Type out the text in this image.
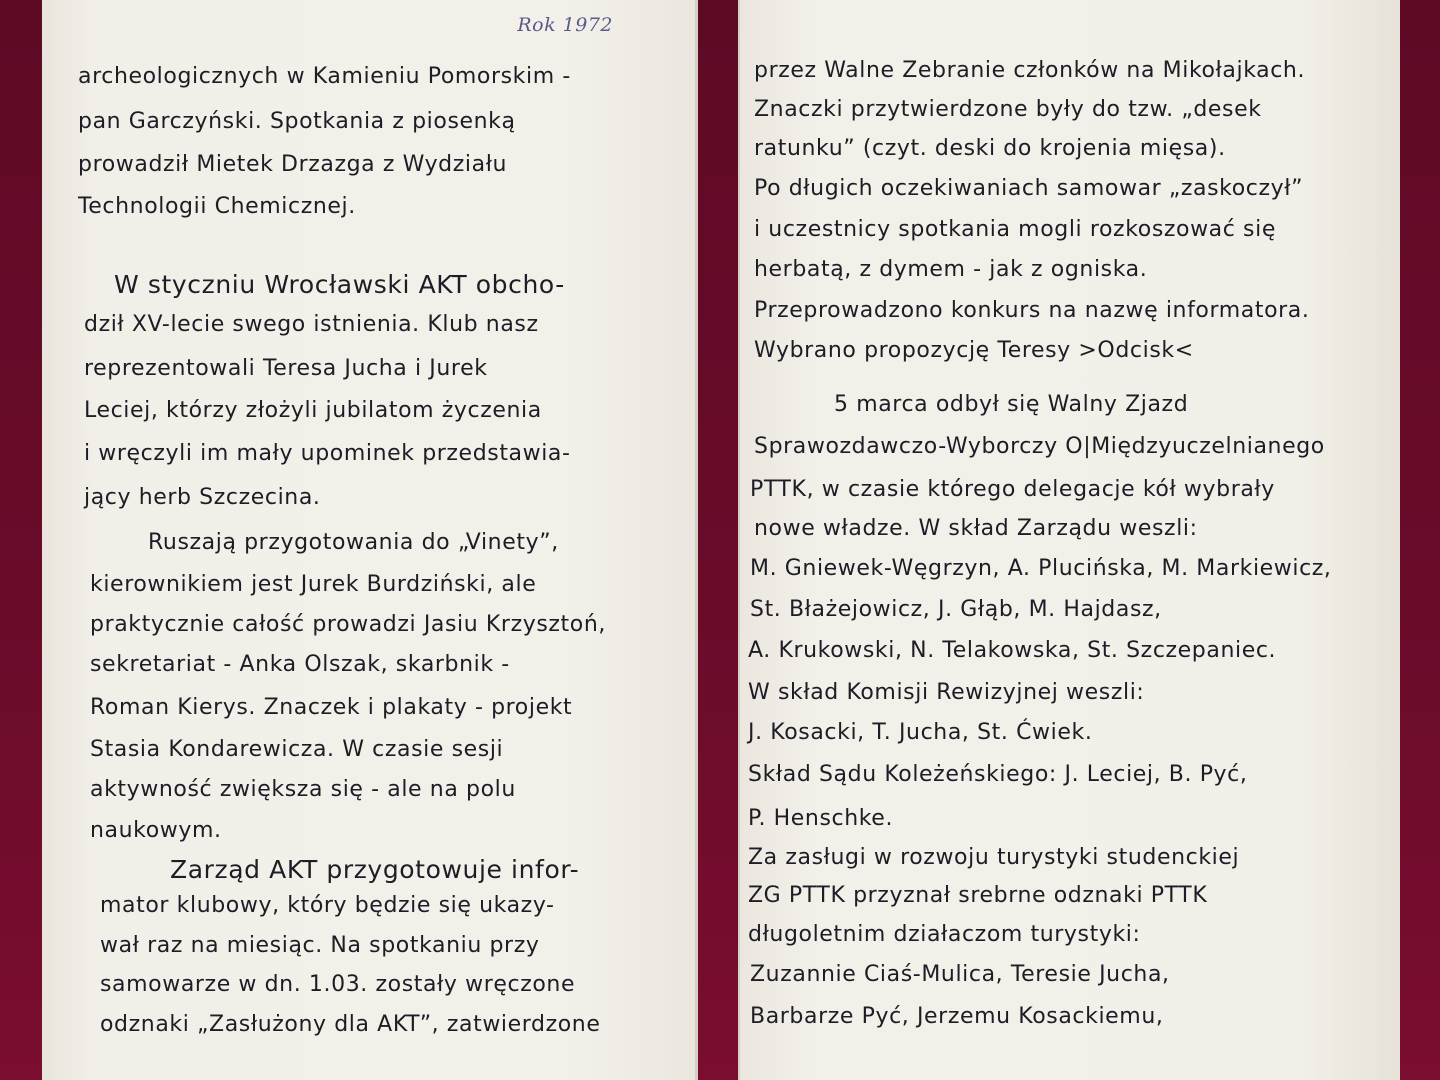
Rok 1972
archeologicznych w Kamieniu Pomorskim -
pan Garczyński. Spotkania z piosenką
prowadził Mietek Drzazga z Wydziału
Technologii Chemicznej.
W styczniu Wrocławski AKT obcho-
dził XV-lecie swego istnienia. Klub nasz
reprezentowali Teresa Jucha i Jurek
Leciej, którzy złożyli jubilatom życzenia
i wręczyli im mały upominek przedstawia-
jący herb Szczecina.
Ruszają przygotowania do „Vinety”,
kierownikiem jest Jurek Burdziński, ale
praktycznie całość prowadzi Jasiu Krzysztoń,
sekretariat - Anka Olszak, skarbnik -
Roman Kierys. Znaczek i plakaty - projekt
Stasia Kondarewicza. W czasie sesji
aktywność zwiększa się - ale na polu
naukowym.
Zarząd AKT przygotowuje infor-
mator klubowy, który będzie się ukazy-
wał raz na miesiąc. Na spotkaniu przy
samowarze w dn. 1.03. zostały wręczone
odznaki „Zasłużony dla AKT”, zatwierdzone
przez Walne Zebranie członków na Mikołajkach.
Znaczki przytwierdzone były do tzw. „desek
ratunku” (czyt. deski do krojenia mięsa).
Po długich oczekiwaniach samowar „zaskoczył”
i uczestnicy spotkania mogli rozkoszować się
herbatą, z dymem - jak z ogniska.
Przeprowadzono konkurs na nazwę informatora.
Wybrano propozycję Teresy >Odcisk<
5 marca odbył się Walny Zjazd
Sprawozdawczo-Wyborczy O|Międzyuczelnianego
PTTK, w czasie którego delegacje kół wybrały
nowe władze. W skład Zarządu weszli:
M. Gniewek-Węgrzyn, A. Plucińska, M. Markiewicz,
St. Błażejowicz, J. Głąb, M. Hajdasz,
A. Krukowski, N. Telakowska, St. Szczepaniec.
W skład Komisji Rewizyjnej weszli:
J. Kosacki, T. Jucha, St. Ćwiek.
Skład Sądu Koleżeńskiego: J. Leciej, B. Pyć,
P. Henschke.
Za zasługi w rozwoju turystyki studenckiej
ZG PTTK przyznał srebrne odznaki PTTK
długoletnim działaczom turystyki:
Zuzannie Ciaś-Mulica, Teresie Jucha,
Barbarze Pyć, Jerzemu Kosackiemu,
